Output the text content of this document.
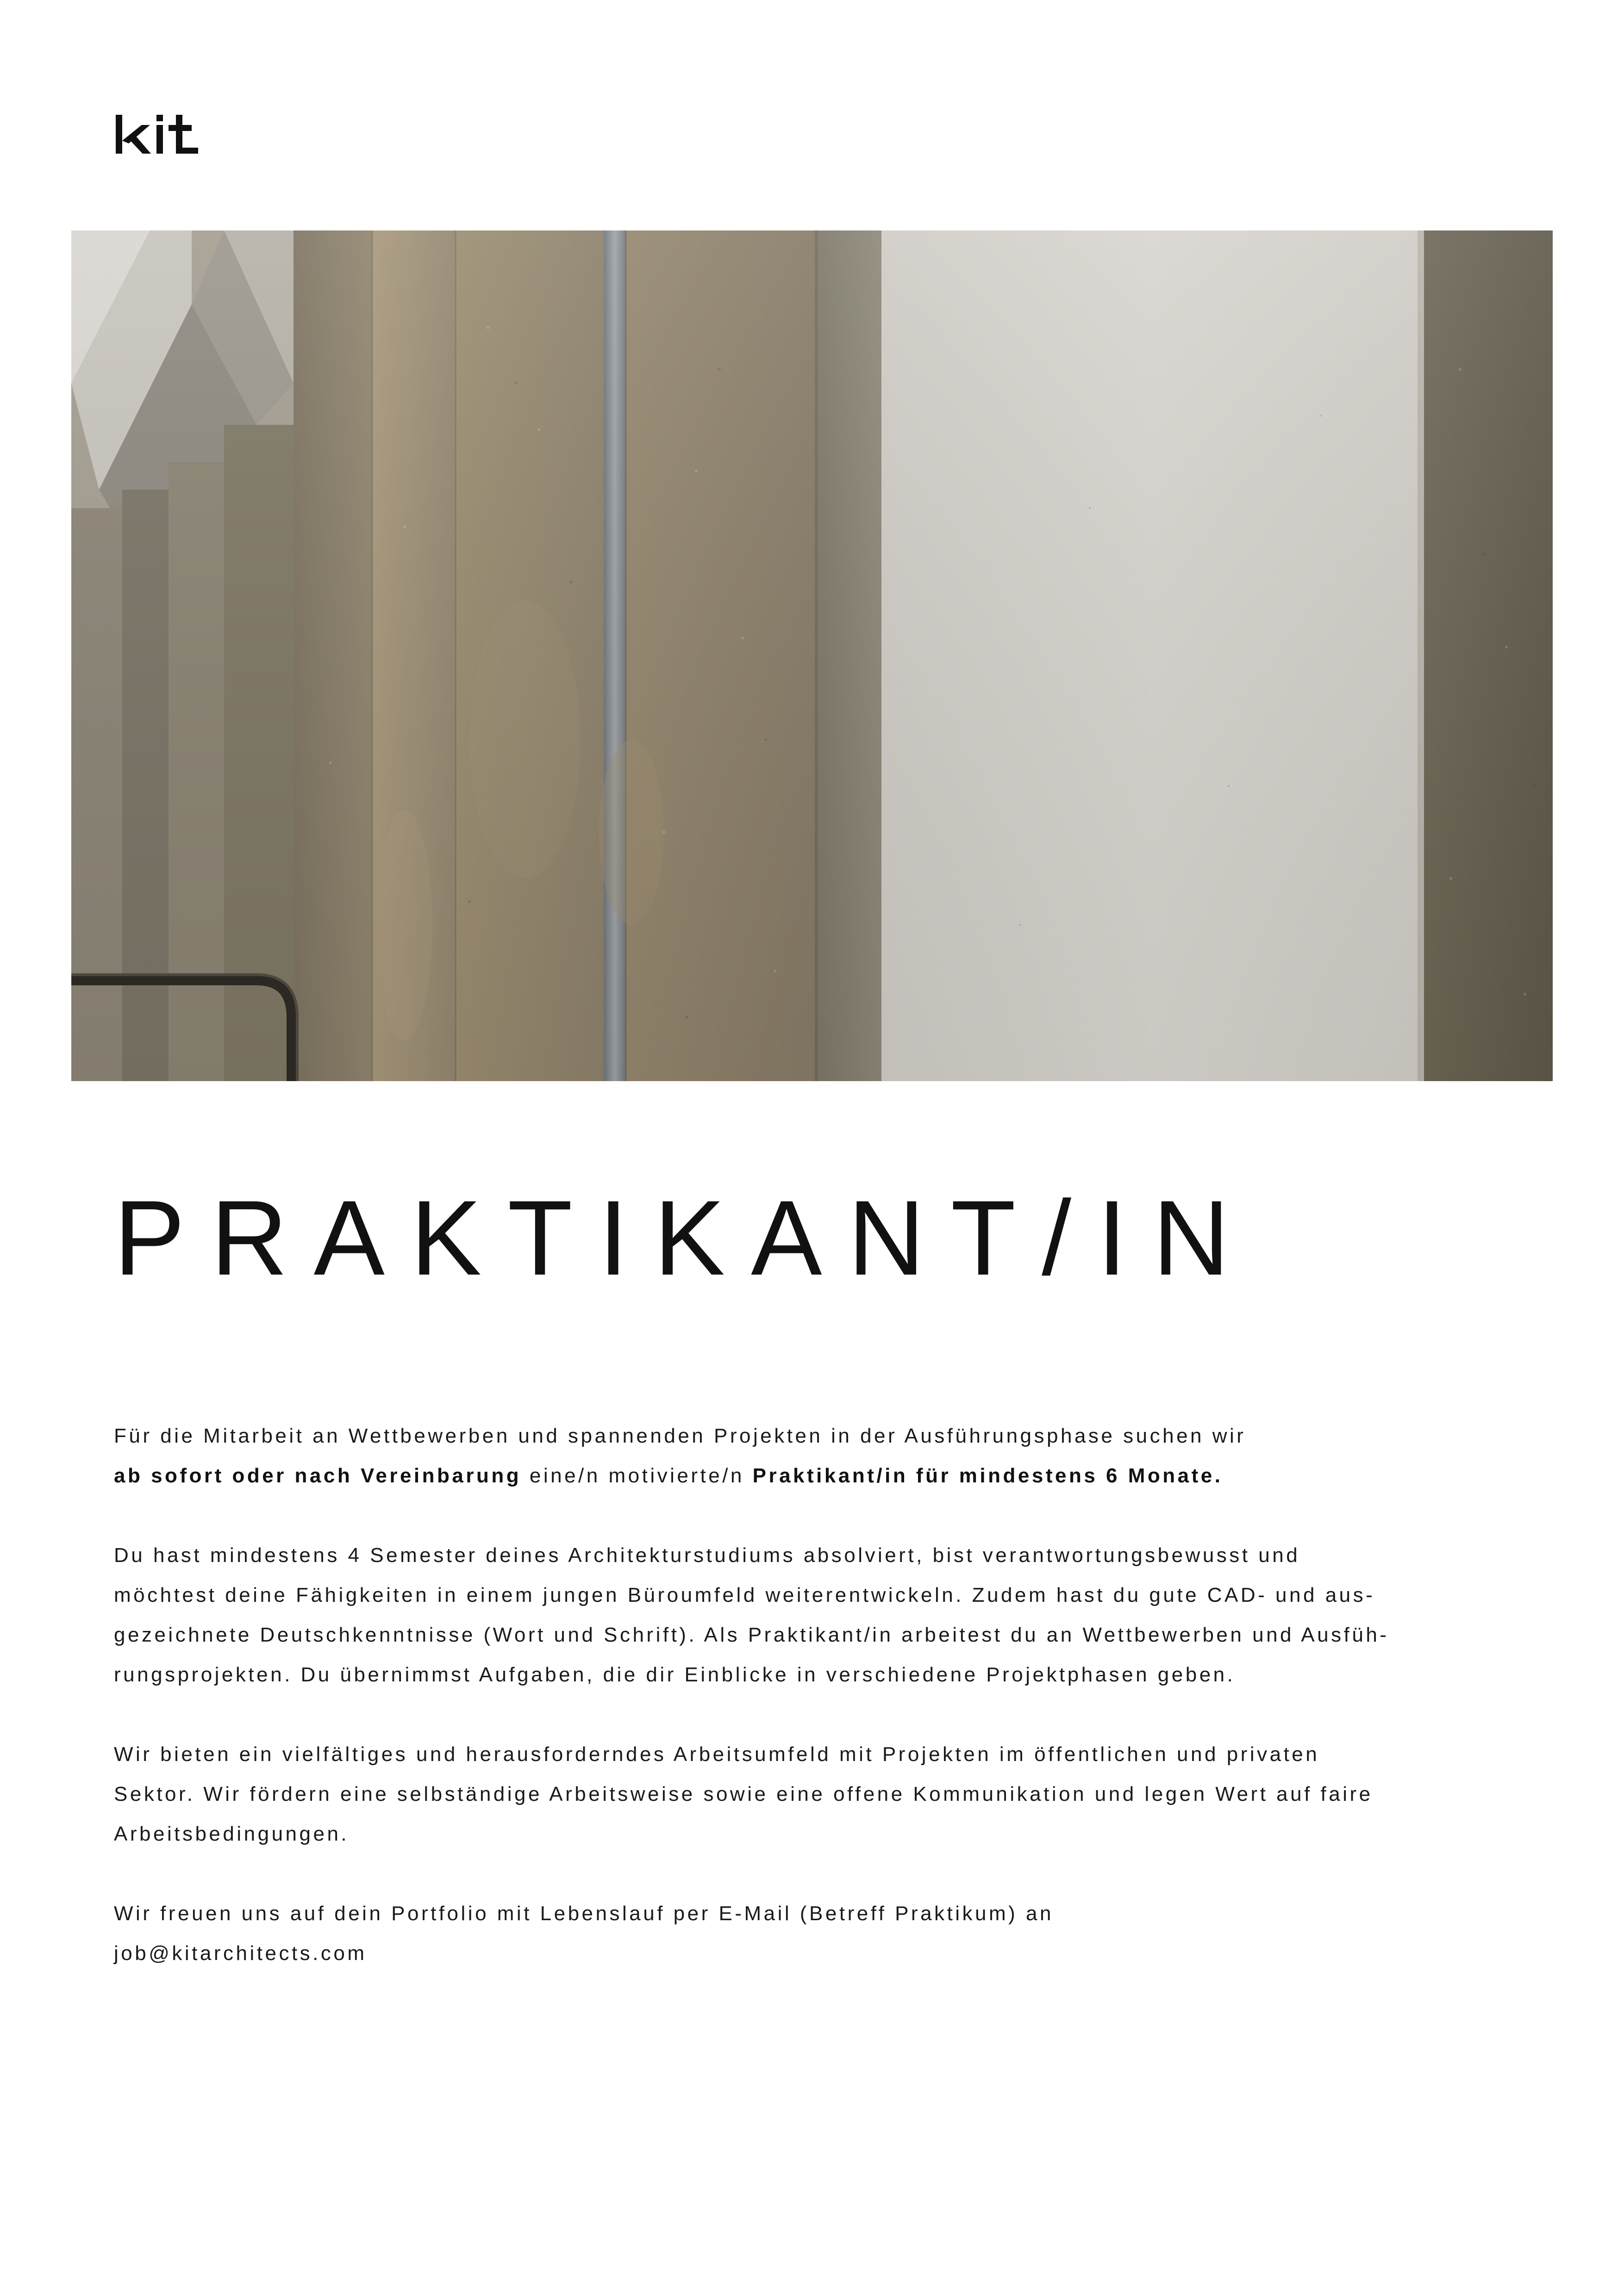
PRAKTIKANT/IN

Für die Mitarbeit an Wettbewerben und spannenden Projekten in der Ausführungsphase suchen wir
ab sofort oder nach Vereinbarung eine/n motivierte/n Praktikant/in für mindestens 6 Monate.

Du hast mindestens 4 Semester deines Architekturstudiums absolviert, bist verantwortungsbewusst und
möchtest deine Fähigkeiten in einem jungen Büroumfeld weiterentwickeln. Zudem hast du gute CAD- und aus-
gezeichnete Deutschkenntnisse (Wort und Schrift). Als Praktikant/in arbeitest du an Wettbewerben und Ausfüh-
rungsprojekten. Du übernimmst Aufgaben, die dir Einblicke in verschiedene Projektphasen geben.

Wir bieten ein vielfältiges und herausforderndes Arbeitsumfeld mit Projekten im öffentlichen und privaten
Sektor. Wir fördern eine selbständige Arbeitsweise sowie eine offene Kommunikation und legen Wert auf faire
Arbeitsbedingungen.

Wir freuen uns auf dein Portfolio mit Lebenslauf per E-Mail (Betreff Praktikum) an
job@kitarchitects.com
